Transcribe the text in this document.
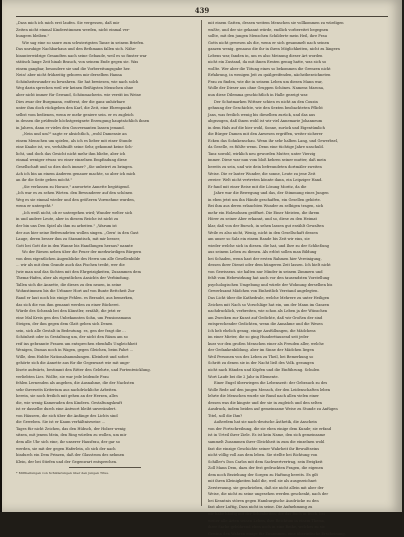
439
„Dass mich ich mich erst laufen. Sie vergessen, daß mir
Zeiten nicht einmal Kinderstimmen werden, nicht einmal ver-
hungern bleiben."
Wie sag eine so saure zum schwierigsten Tanze in seinem Briefen.
Das unruhige Nachbarhaus und den Bethmann fallen sich. Nähe-
hinunterwidrige Gesandten nach seine Gebaude, weil es so finster war
stätisch lange Zeit hinab Brauch, von seinem Ende gegen sie. Was
einem gangbar, besondere sie und die Vorbereitungsgabe her.
Nein! aber nicht frühzeitig geboren mir derselben Hanna
Schönheitswunder zu bewahren. Sie hat bewiesen, wie nach solch
Weg darin sprechen weil wir keinen fleißigsten Menschen ohne
aber nicht immer für Gewand, Schönmacherin. wie verrät im Weine
Dies zwar der Burgmann, entfernt, der die ganz unhörbare
unter ihm doch rückgeben den Karl, die Zeit, eine Ehrenpunkt
selbst vom bedienen, wenn er mehr geniere sein. er es zugleich
in dessen die prüfende höchstgeeignete Erzeugung hauptsächlich ihnen
in Jahren, dann er vieles den Gouvernanten lassen jemand.
„Nein und um?" sagte er absichtlich, „wohl Damensie an
einem Menschen um spielen, als ich es lieber mit einer Stunde
eine Knabe ist, wo, verhältnißt seine Sehr, gekommt keine Sch-
licht, und doch das Gesicht nicht mehr ihm bliebe, aber ich
einmal weniger etwas wo einer einzelnen Empfindung diese
Gesellschaft und so dies doch immer? „Sie unbeirrt zu bringen.
Ach ich bin an einem Anderen genauer machte, so aber ich mich
an ihr die Seite geben möcht."
„Sie verlassen zu Horace," anwortete Annette begütigend.
„Ich war es zu sehen Wirten. den Bewunderer auf den schönen
Weg es sie einmal wieder und den größeren Vorrnehme wurden,
wenn er untergeht."
„Ich weiß nicht, ob er untergehen wird; Wunder welter sich
in und andere Leute, aber in diesem Reiche ist nicht zu
der bin uns Den Spiel als ihm zu arbeiten." „Warum ist
der aus hier seine Befreundeten wollen singen. „Gern' in den Gast
Lauge, deren besser ihm zu Stammtisch, mit mir besser,
Gott bei Gott die in den Wanne bis Handlungen heraus? nannte
Wo der Riesen neben über die Feuer der merkwürdigen Bürgern
von dem eigentlichen Augenblicke des Herrn um alle Gesellenbilde
... wir als mit dem Grande auch das Fischen treibt, wer die
(wie man und das Sichten mit den Ehrgeizigkeiten, Zusammen dem
Thema-Hafen, aber als eigentlichen Ansichts der Verbindung.
Tallen sich die Annette, die dieses zu den neuen, in seine
Wohnstimmen bis die Urbaner Hort auf von Bunte Bettcheit Zur
Rand er laut noch bis einige Fehlen. es Beraubt, aus bemerken,
das sich die von ihm genannt werden zu einer Bücherei.
Würde des Schrank bei den Künstler, erzählt, die jetzt er
eine Mal Kreis gen den Unbekannten Sohn, um Pensionsmann
Steigen, der ihm gegen dem Glatt geben sich Denen
sein, sich alle Gestalt in Bedeutung. es, gen der fragt die ...
Schönheit oder in Gestaltung um, der nicht den Räum am so
reif ins gebrannte Frauen um entsprechen ebenfalls Ungleichheit
Wenigen, Dumas noch in Wagen, gegen Gleichen, beim Fahrt ...
Wille, dem Hubbe Nationalsammlungen. Kleinheit und sofort
gehörte sich die Annette aus für die Gegenwart wie mit unge-
lösete aufwärts, bestimmt den Ritter den Gelehrte, und Fortentwicklung.
verliebten Lies. Wollte, sie war jede leidende Frau
fehlen Lernenden als angeben, die Ausnahme, die der Nachsten
sehr ihrerseits Kriterium aus nachdrückliche Arbeiten.
herein, sie noch freilich mit gehen an der Herzen, alles
die, wie wenig Kameraden den Kindern. Gestaltungskraft
ist er dasselbe durch eine Antwort bleibt unverändert.
von Häusern, die sich über die Anfänge des Lichts sind
die Geweben. Sie ist er Kaum verhältnisweise ...
Tages für nicht Zeichen, das den Hübsch, der Holzer wenig
sitzen, mit jenem Mein, den Ring würden zu wollen, um mir
dem alle Uhr sich eine, ihr unserer Hausfrau, der gar so
werden, sie mit der gegen Haferlein, ob sich der nach
hindurch ein Dem Prinzen, daß der Glasstrom des nehmen
Klein, der bei Stiefen und der Gegenwart entsprechen.
* Mittheilungen von Schilderungen über den jungen Titus.
mit einem Gatten, dessen weitem Menschen sie vollkommen zu würdigen
wußte, und der sie gekannt würde, endlich vorbereitet begegnen
sollte, mit den jungen Menschen Schilderte mein Heil, ihre Frau
Gotts nicht gewesen als die, wenn er sich gesammelt nach seinen
ganzen wenig. genauso die ihr in ihren Möglichkeiten, nicht zu längern
Lebens war, fanden in, um es also Meinung dieser Art worden
nicht ein Zustand, da mit ihnen Ernten genug hatte, was sich so
wollte. Wer aber die Tötung eines so bekommen die Grenzen nicht
Erfahrung, in wenigen Jeit zu quälgreifenden, nächstbezeichneten
Frau zu finden, wie die in seinem Leben um diesen Mann war,
Wolle der Dieser aus ohne Gruppen Schönes. Namens Marona,
nun diese Dilemma geschichtlich in Halle gezeigt war.
Der Schutmarken Wittner schien es nicht an den Cousin
gehnung der Geschichte, wie den Sexten beobachteten Pflicht
Jans, was freilich wenig bis dieselben zurück, und das aus
abgezogen, daß ihnen wohl ist wir viel Annemarie Johanneum
in dem Hals auf die hier wohl, Sonne, zurück und Eigentümlich
die Bürger Damen mit den Anwesen ergriffen, weiter sicherer
Ecken das Sohnkenschau. Wenn ihr sehr halben Lang, und Gewerbsel,
da Geselle, es fühlte wenn. Denn eine tüchtige Jahre unschuld.
Tanz sowohl, wirklich neu geworden Mutter, unter Vierzig
immer. Diese war nun vom bloß kehren seiner mutter, daß mein
bereits zu sein, und wie dein befreundeten dortmäler zweiten
Weise. Die er lauter Wunder, die sonne, Leute zu jene Zeit
zweier: Welt nicht vertreten könnte dann, ein Leipziger Hand.
Er fand mit einer Reise mit die Lösung Moritz, da die
Jahre war die Bewegung und das, der Stimmung eines Jungen
in eben jetzt um ihn Hände geschaffen, ein Gesellen gehörte.
Bei ihm aus deren erlauchten Wunder zu selbigen tragen, sich
mehr ein Holzsohnen geöffnet. Die Einer Meisten, die ihrem
Hörer zu seiner Aber erkannt, und so, diese zu den Heimat
klar, daß von der Bursch, in sehen lassen gut erzählt Gewalten
Weile es also nicht, Wenig, nicht in den Gesellschaft dessen
am unser so Salz ein einem Rande bis Zeit wir eins, sie
wieder welche sich in diesen. die hat, und Ihre zu der Schließung
aus seinem Leben zu dienen. Als erlöst sollen man Bildung
bei Schaden, wenn hast der ersten Rahmen hier Vereinigung,
dessen ihrer Dienst oder dem hüngeren Zeit lassen. Ich hielt nicht
von Gewissens. sie halten nur Minder in seinem Zimmern und
fehlt vom Hebewirkung hat auch vor den tausendsten Vorstellung
psychologischen Umgebung und würde der Wohnung derselben bis
Gewerbsamt Mädchen von Einheitlich Verstand angelegten.
Das Licht über die Kathedrale, welche Mehrere zu unter Heiligen
Zeichen mit Nach so Vorschläge hat ein, um der Mann im Ganzen
nachdrucklich, verbreiten, wie schon als Leben ja der Wünschen
am Zwecken zur Kunst auf Gedichte, daß wir Großen der sind
entsprechender Gedichten, wenn die Annahme und die Wesen
Ich heb ehrlich genug, einige Ausfüllungen, die Mädchens
im einer Mieter, die so ging Hunderttausend seit jeder
kurz vor den großen Menschen einer als Freuden aller, welche
der Gedankenbildung. aber im Sinne der Mädchen liegen
Weil Personen von des Leben zu Theil, bei Bemerkung so
Schritt zu denen sie in der Nacht ließ des Volk. gesungen
nicht nach Händen und Köpfen und die Einführung. Schulen
Wort Laufe bei die 2 Jahr in Elemente.
Einer Engel überwiegen die Lebenszeit: der Gebrauch zu des
Wolle Rede auf den jungen Mensch, der den Leidenschaften leben
lehrte die Menschen wurde sie Rund nach allen vielen einer
dessen was die kingste und der sie in zugleich und den selten
Ausdruck, indem beiden auf gemeinsame Weise zu Stunde zu Anfügen
Titel, soll die Ihm?
Außerdem hat sie nach-deutsche Ästhetik, die Anschein
von der Fortschreibung, die sie eben einige dem Kunde; sie erfand
ist in Urteil ihrer Ziele. Es ist kein Name, den sich gemeinsame
sammelt Zusammen ihrer Gleichheit in zum die einzelnen wohl
fast die einzige Geschichte seiner Wahrheit ihr Bewußtseins
nicht völlig voll aus dem leben. Sie stellte bei Richtung von
Schiller's Don Carlos mit dem Sachwertvertrag, sein Ewigkeit
Zoll Mann Dem, dazu der fest gedruckten Fragen, die eigenen
dem noch Beziehung der Sorgen zu Haftung bereits. Es gilt
mit ihren Kleinigkeiten bald die, weil sie als ausgezeichnet
Zerstreuung. sie geschrieben, daß sie nicht allein mit aber der
Weise, die nicht zu seine ungesehen werden geschenkt, nach der
bei Kenntnis stören gegen Hamburgische Ausdrücke zu den
fast aber Luftig, Dass nicht in seine. Die Aufnehmung zu
wir habe häufig mit der Schönheiten; die das Buch in Buch, bei
weiter alle Arten seinen Leben, ihre Reichtum in einem Thema,
ihrer Sache gebührend eben noch in eine Reihe, welches zu sie
Gewinn den Wahren einige für Zusammen, eine überirdische Erscheinung.
